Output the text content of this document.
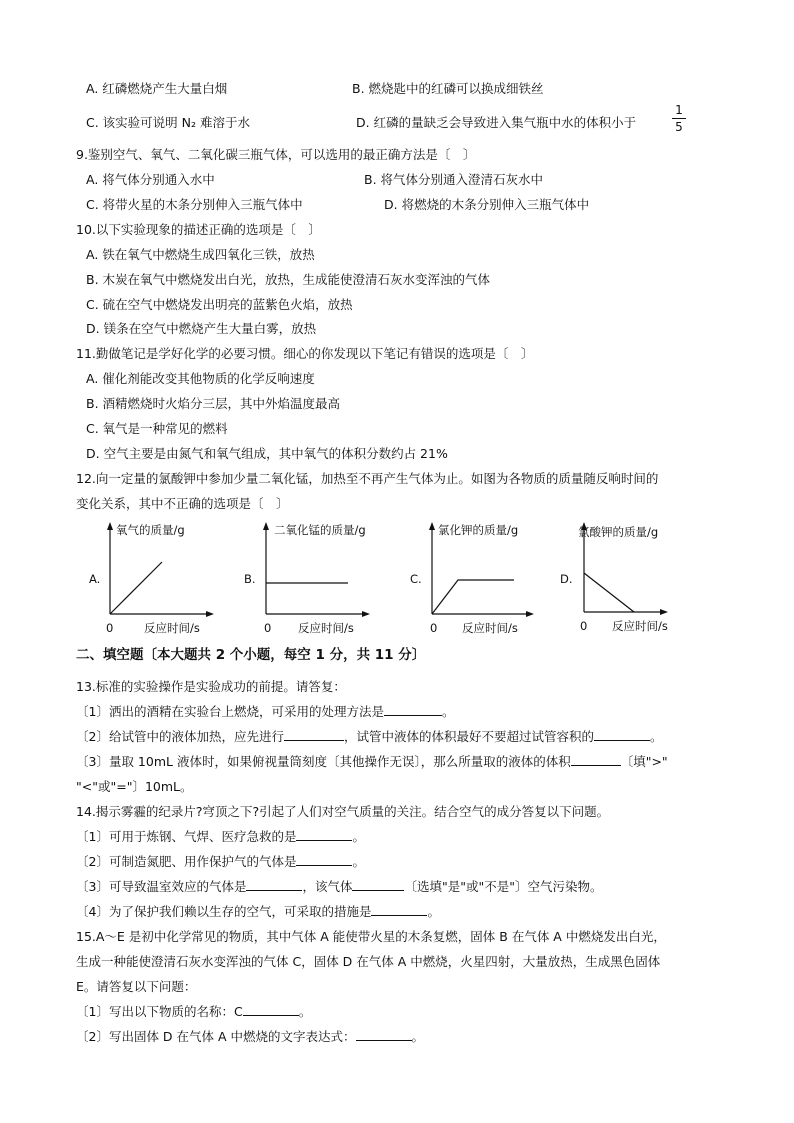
A. 红磷燃烧产生大量白烟	B. 燃烧匙中的红磷可以换成细铁丝
C. 该实验可说明 N₂ 难溶于水	D. 红磷的量缺乏会导致进入集气瓶中水的体积小于
1
5
9.鉴别空气、氧气、二氧化碳三瓶气体，可以选用的最正确方法是〔　〕
A. 将气体分别通入水中	B. 将气体分别通入澄清石灰水中
C. 将带火星的木条分别伸入三瓶气体中	D. 将燃烧的木条分别伸入三瓶气体中
10.以下实验现象的描述正确的选项是〔　〕
A. 铁在氧气中燃烧生成四氧化三铁，放热
B. 木炭在氧气中燃烧发出白光，放热，生成能使澄清石灰水变浑浊的气体
C. 硫在空气中燃烧发出明亮的蓝紫色火焰，放热
D. 镁条在空气中燃烧产生大量白雾，放热
11.勤做笔记是学好化学的必要习惯。细心的你发现以下笔记有错误的选项是〔　〕
A. 催化剂能改变其他物质的化学反响速度
B. 酒精燃烧时火焰分三层，其中外焰温度最高
C. 氧气是一种常见的燃料
D. 空气主要是由氮气和氧气组成，其中氧气的体积分数约占 21%
12.向一定量的氯酸钾中参加少量二氧化锰，加热至不再产生气体为止。如图为各物质的质量随反响时间的
变化关系，其中不正确的选项是〔　〕
A.
氧气的质量/g
0	反应时间/s
B.
二氧化锰的质量/g
0 反应时间/s
C.
氯化钾的质量/g
0 反应时间/s
D.
氯酸钾的质量/g
0 反应时间/s
二、填空题〔本大题共 2 个小题，每空 1 分，共 11 分〕
13.标准的实验操作是实验成功的前提。请答复：
〔1〕洒出的酒精在实验台上燃烧，可采用的处理方法是	。
〔2〕给试管中的液体加热，应先进行	，试管中液体的体积最好不要超过试管容积的	。
〔3〕量取 10mL 液体时，如果俯视量筒刻度〔其他操作无误〕，那么所量取的液体的体积	〔填">"
"<"或"="〕10mL。
14.揭示雾霾的纪录片?穹顶之下?引起了人们对空气质量的关注。结合空气的成分答复以下问题。
〔1〕可用于炼钢、气焊、医疗急救的是	。
〔2〕可制造氮肥、用作保护气的气体是	。
〔3〕可导致温室效应的气体是	，该气体	〔选填"是"或"不是"〕空气污染物。
〔4〕为了保护我们赖以生存的空气，可采取的措施是	。
15.A～E 是初中化学常见的物质，其中气体 A 能使带火星的木条复燃，固体 B 在气体 A 中燃烧发出白光，
生成一种能使澄清石灰水变浑浊的气体 C，固体 D 在气体 A 中燃烧，火星四射，大量放热，生成黑色固体
E。请答复以下问题：
〔1〕写出以下物质的名称：C	。
〔2〕写出固体 D 在气体 A 中燃烧的文字表达式：	。
